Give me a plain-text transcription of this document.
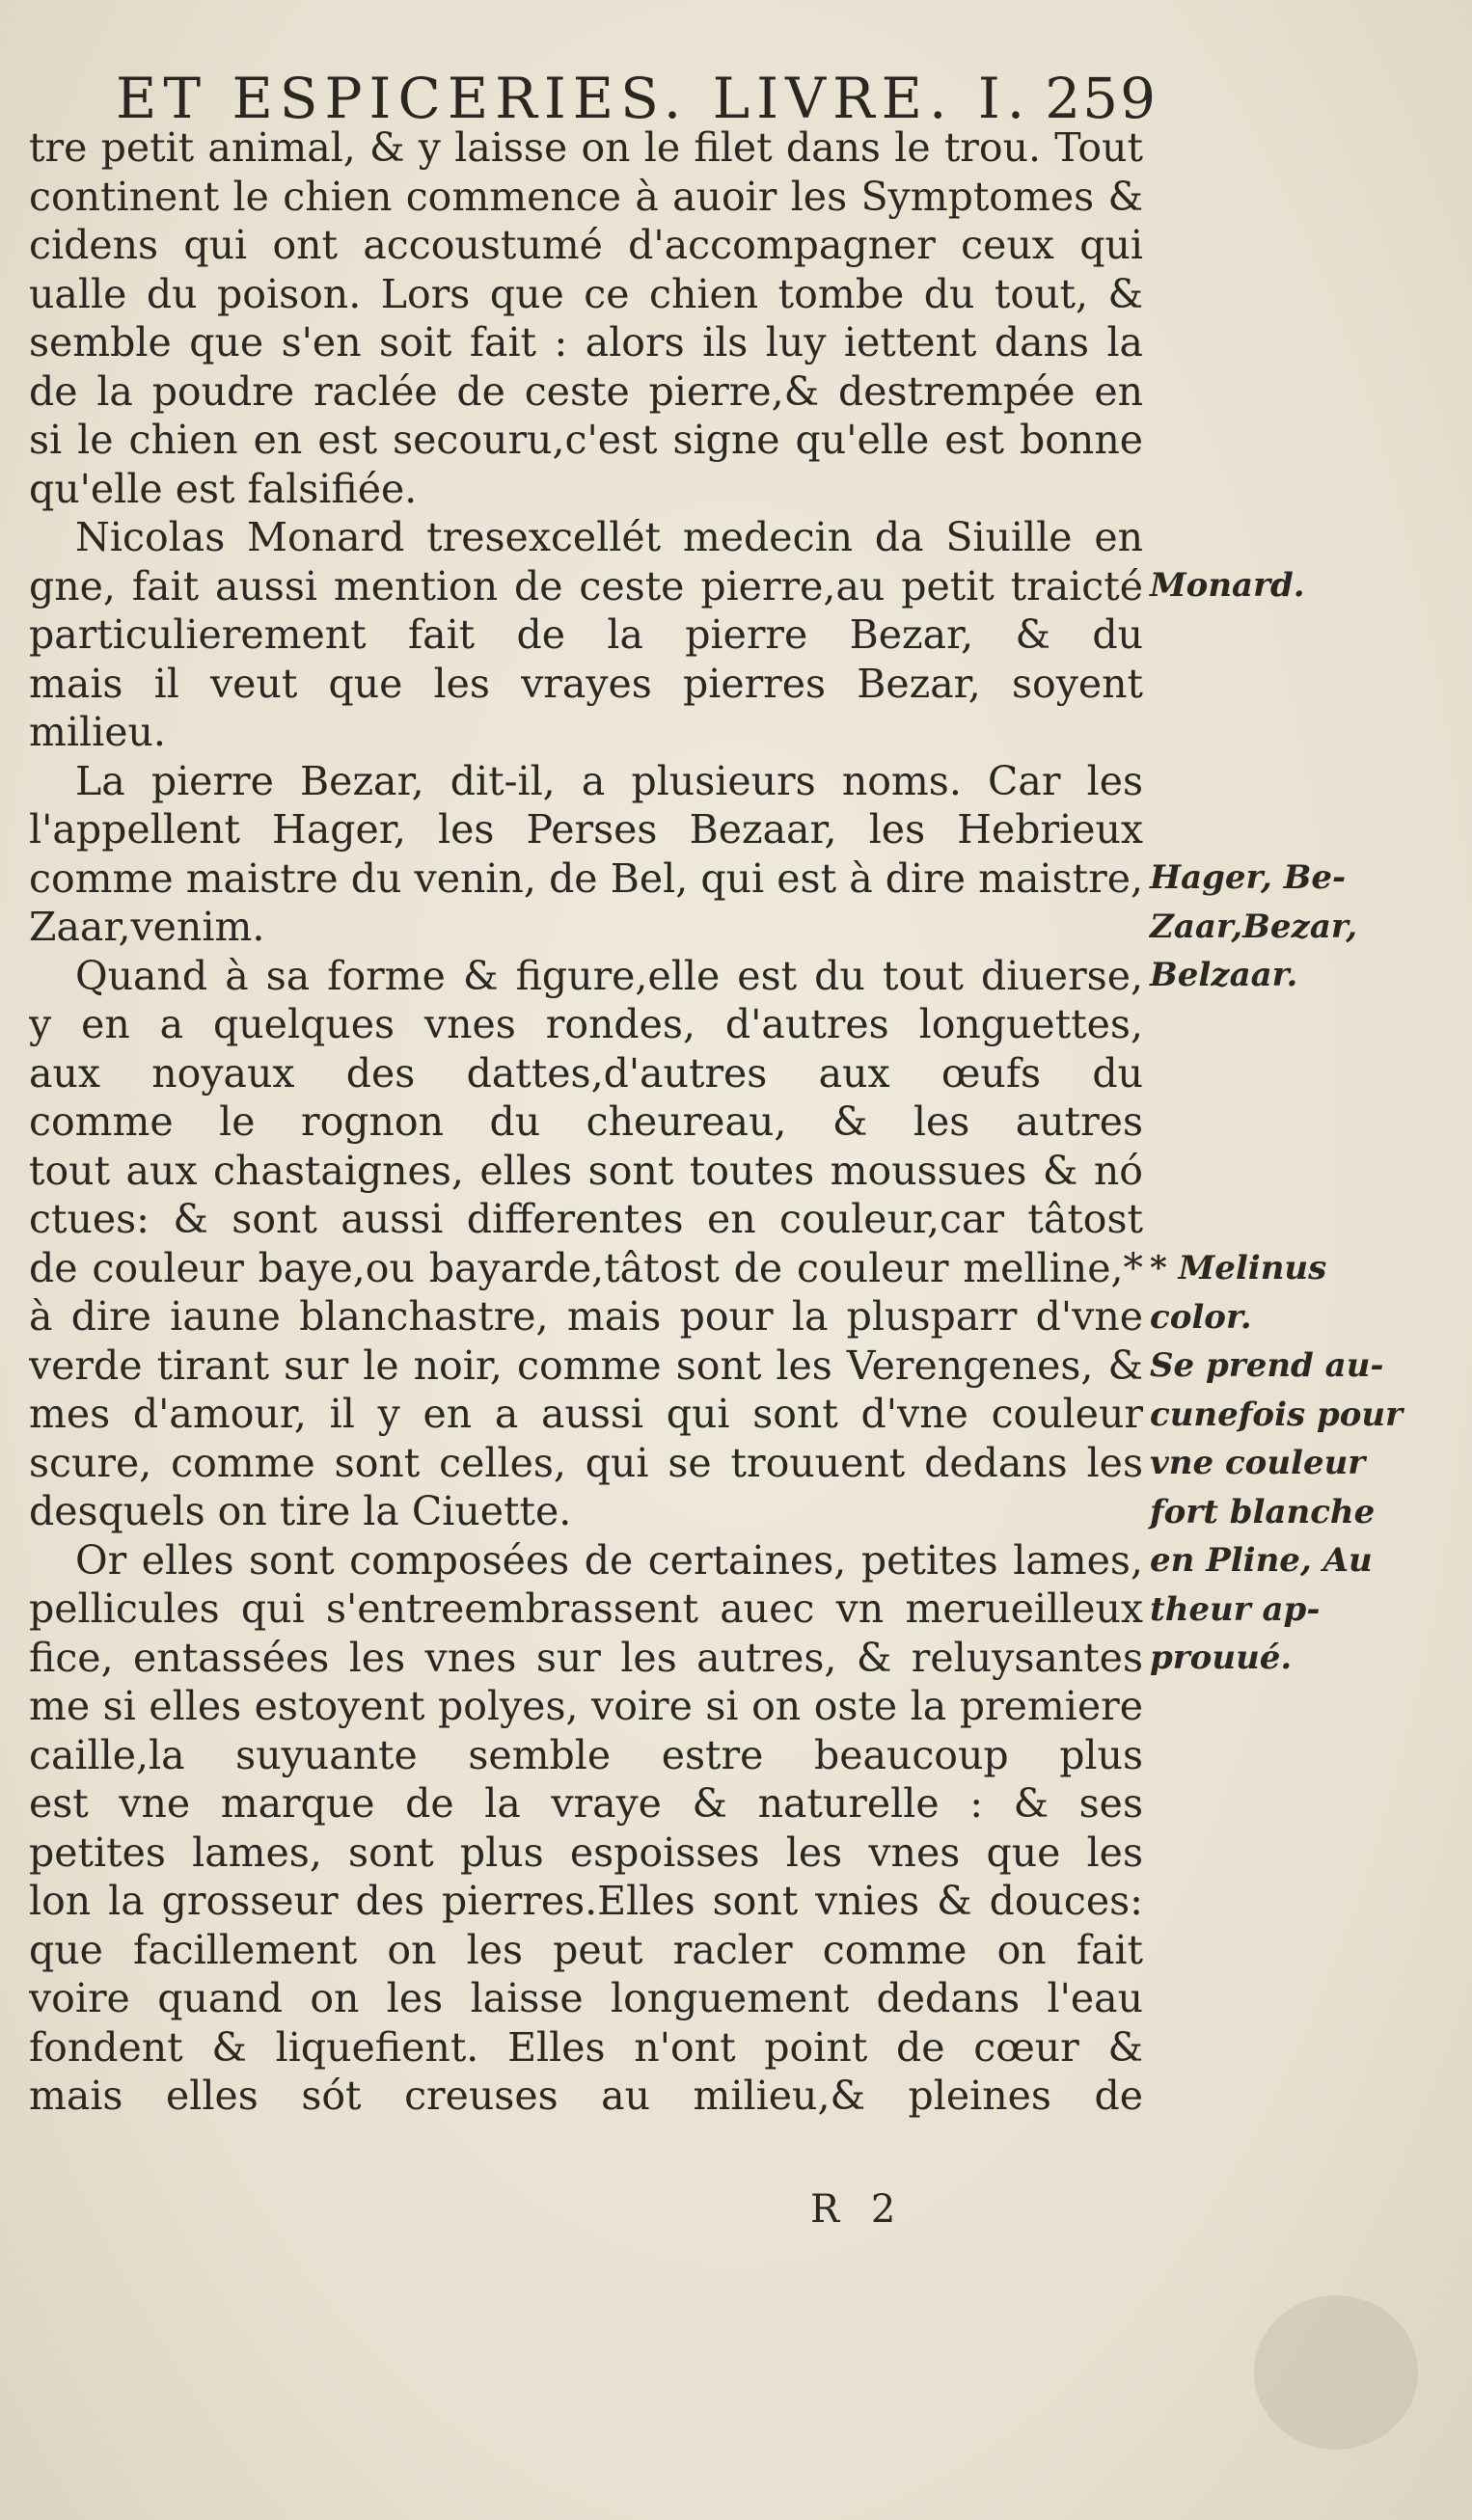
ET ESPICERIES. LIVRE. I. 259
tre petit animal, & y laisse on le filet dans le trou. Tout
continent le chien commence à auoir les Symptomes &
cidens qui ont accoustumé d'accompagner ceux qui
ualle du poison. Lors que ce chien tombe du tout, &
semble que s'en soit fait : alors ils luy iettent dans la
de la poudre raclée de ceste pierre,& destrempée en
si le chien en est secouru,c'est signe qu'elle est bonne
qu'elle est falsifiée.
Nicolas Monard tresexcellét medecin da Siuille en
gne, fait aussi mention de ceste pierre,au petit traicté
particulierement fait de la pierre Bezar, & du
mais il veut que les vrayes pierres Bezar, soyent
milieu.
La pierre Bezar, dit-il, a plusieurs noms. Car les
l'appellent Hager, les Perses Bezaar, les Hebrieux
comme maistre du venin, de Bel, qui est à dire maistre,
Zaar,venim.
Quand à sa forme & figure,elle est du tout diuerse,
y en a quelques vnes rondes, d'autres longuettes,
aux noyaux des dattes,d'autres aux œufs du
comme le rognon du cheureau, & les autres
tout aux chastaignes, elles sont toutes moussues & nó
ctues: & sont aussi differentes en couleur,car tâtost
de couleur baye,ou bayarde,tâtost de couleur melline,*
à dire iaune blanchastre, mais pour la plusparr d'vne
verde tirant sur le noir, comme sont les Verengenes, &
mes d'amour, il y en a aussi qui sont d'vne couleur
scure, comme sont celles, qui se trouuent dedans les
desquels on tire la Ciuette.
Or elles sont composées de certaines, petites lames,
pellicules qui s'entreembrassent auec vn merueilleux
fice, entassées les vnes sur les autres, & reluysantes
me si elles estoyent polyes, voire si on oste la premiere
caille,la suyuante semble estre beaucoup plus
est vne marque de la vraye & naturelle : & ses
petites lames, sont plus espoisses les vnes que les
lon la grosseur des pierres.Elles sont vnies & douces:
que facillement on les peut racler comme on fait
voire quand on les laisse longuement dedans l'eau
fondent & liquefient. Elles n'ont point de cœur &
mais elles sót creuses au milieu,& pleines de
Monard.
Hager, Be-
Zaar,Bezar,
Belzaar.
* Melinus
color.
Se prend au-
cunefois pour
vne couleur
fort blanche
en Pline, Au
theur ap-
prouué.
R 2
